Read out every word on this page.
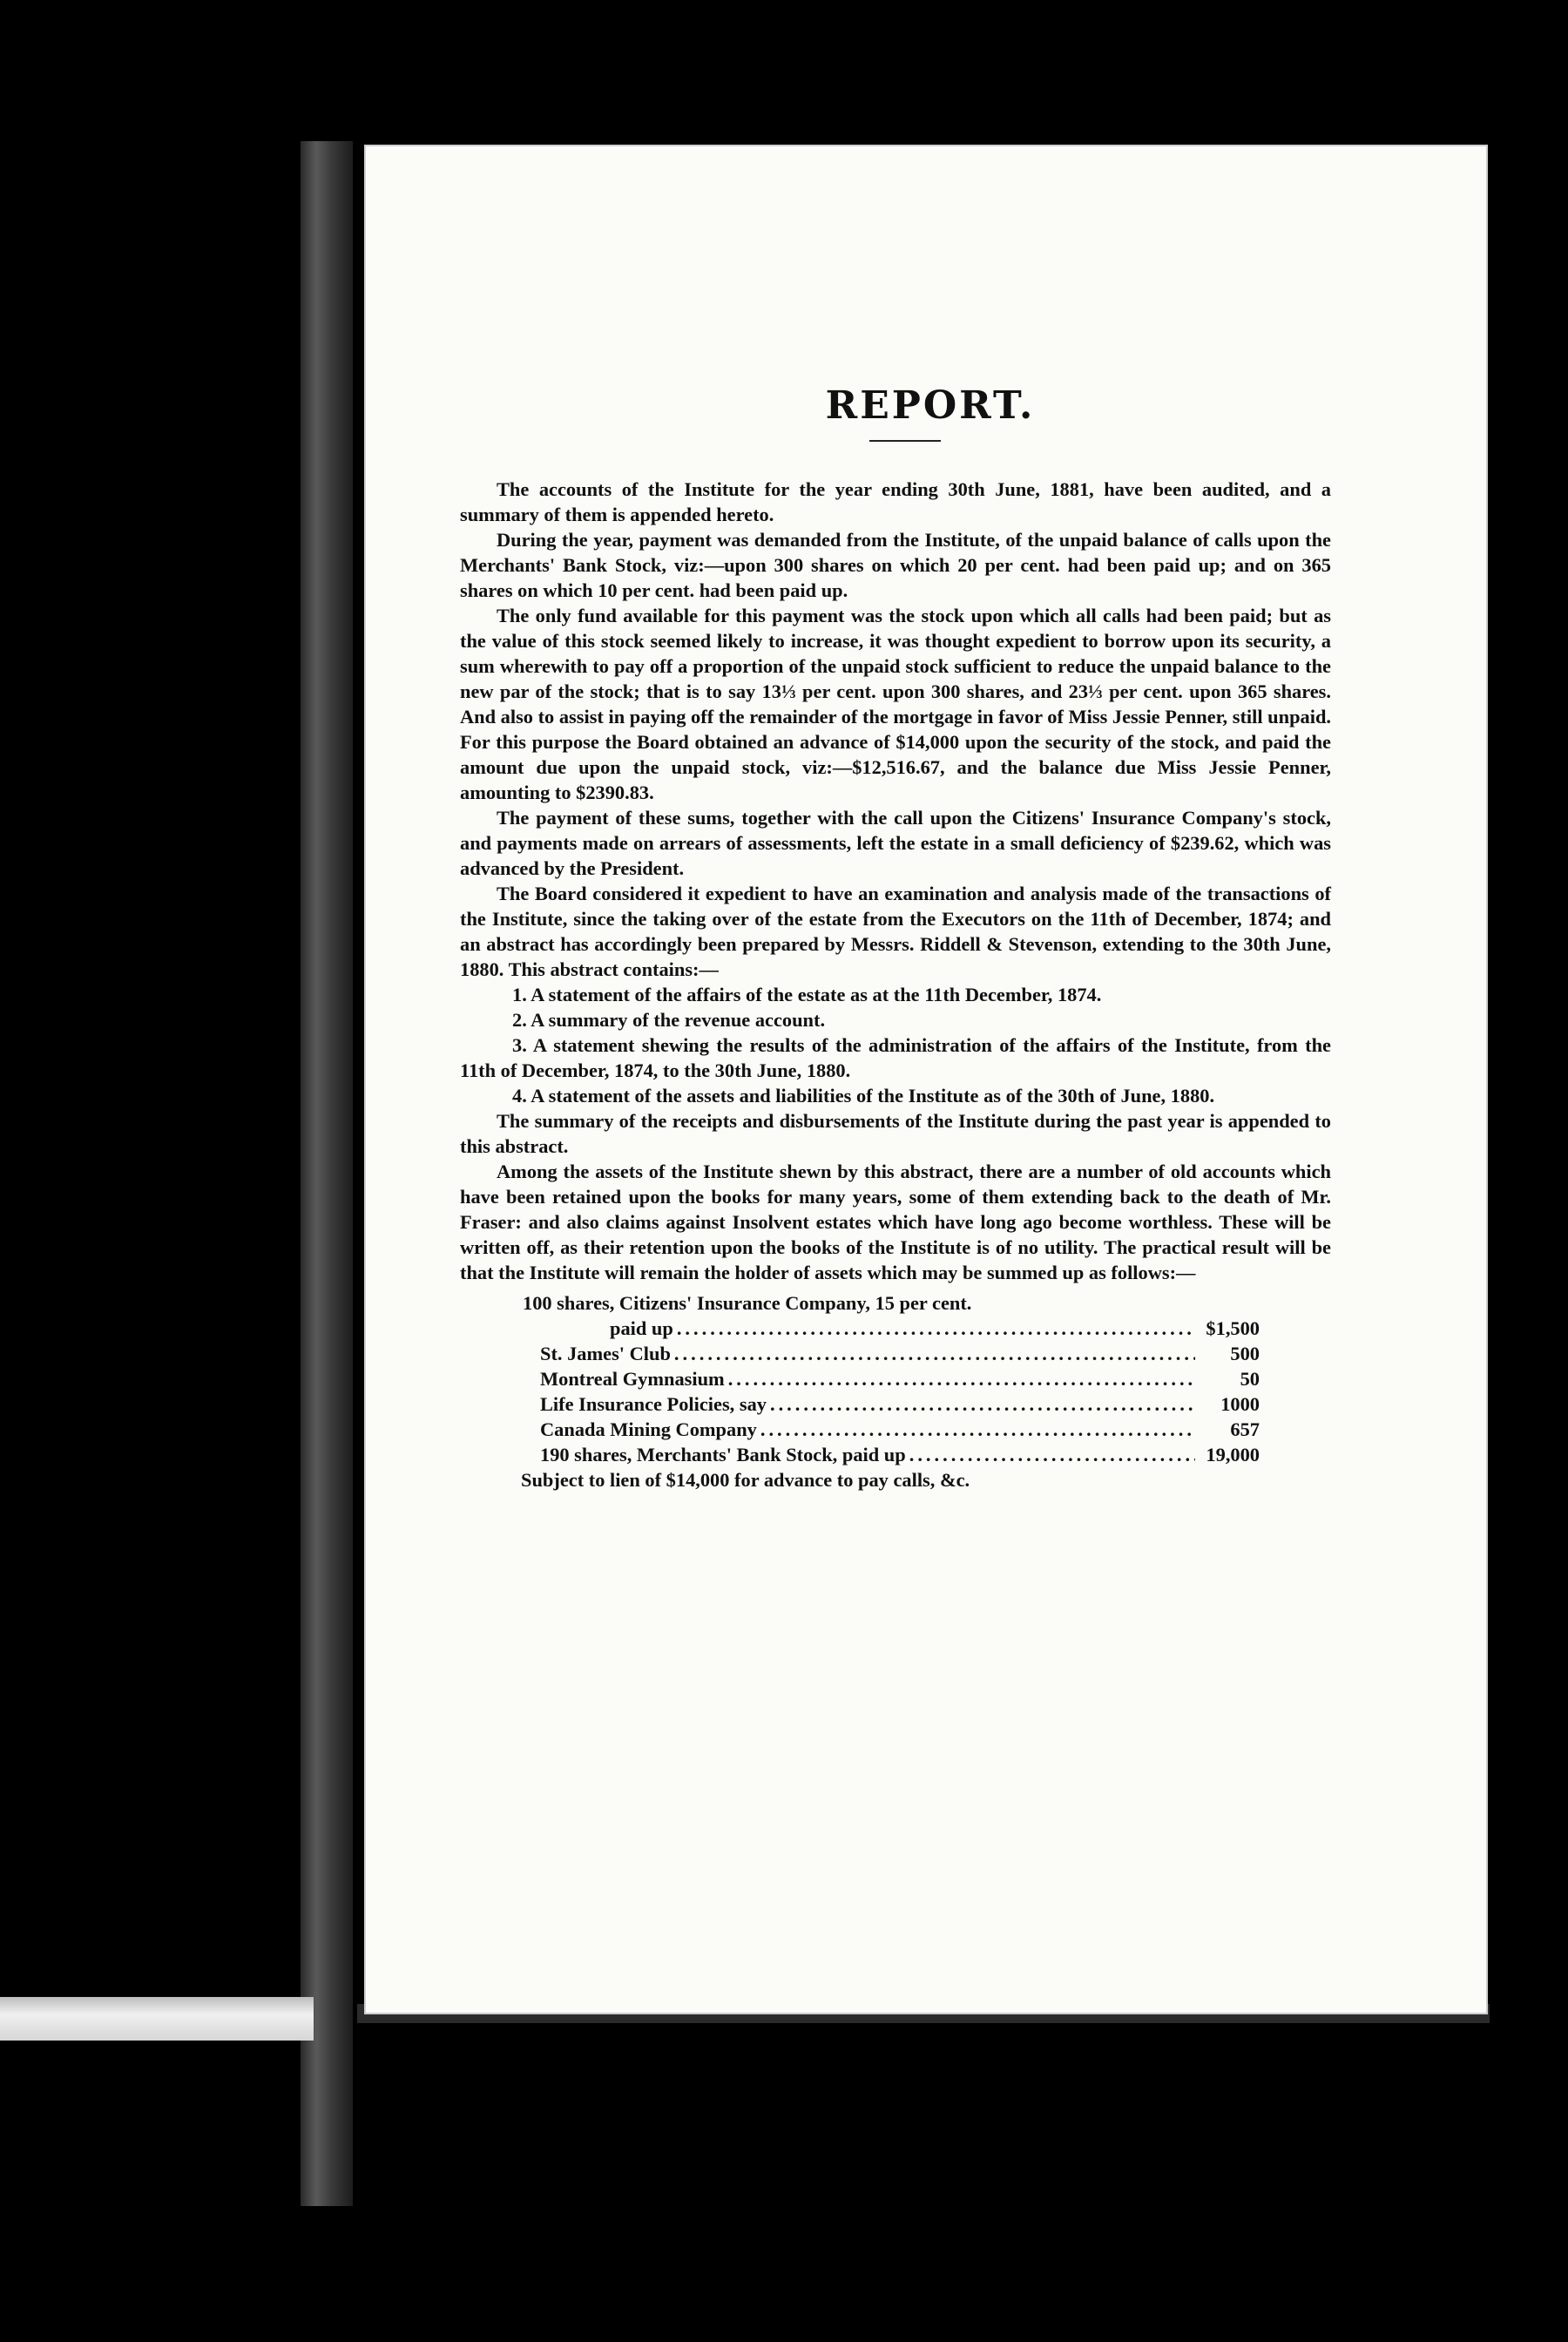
REPORT.

The accounts of the Institute for the year ending 30th June, 1881, have been audited, and a summary of them is appended hereto.

During the year, payment was demanded from the Institute, of the unpaid balance of calls upon the Merchants' Bank Stock, viz:—upon 300 shares on which 20 per cent. had been paid up; and on 365 shares on which 10 per cent. had been paid up.

The only fund available for this payment was the stock upon which all calls had been paid; but as the value of this stock seemed likely to increase, it was thought expedient to borrow upon its security, a sum wherewith to pay off a proportion of the unpaid stock sufficient to reduce the unpaid balance to the new par of the stock; that is to say 13⅓ per cent. upon 300 shares, and 23⅓ per cent. upon 365 shares. And also to assist in paying off the remainder of the mortgage in favor of Miss Jessie Penner, still unpaid. For this purpose the Board obtained an advance of $14,000 upon the security of the stock, and paid the amount due upon the unpaid stock, viz:—$12,516.67, and the balance due Miss Jessie Penner, amounting to $2390.83.

The payment of these sums, together with the call upon the Citizens' Insurance Company's stock, and payments made on arrears of assessments, left the estate in a small deficiency of $239.62, which was advanced by the President.

The Board considered it expedient to have an examination and analysis made of the transactions of the Institute, since the taking over of the estate from the Executors on the 11th of December, 1874; and an abstract has accordingly been prepared by Messrs. Riddell & Stevenson, extending to the 30th June, 1880. This abstract contains:—

1. A statement of the affairs of the estate as at the 11th December, 1874.

2. A summary of the revenue account.

3. A statement shewing the results of the administration of the affairs of the Institute, from the 11th of December, 1874, to the 30th June, 1880.

4. A statement of the assets and liabilities of the Institute as of the 30th of June, 1880.

The summary of the receipts and disbursements of the Institute during the past year is appended to this abstract.

Among the assets of the Institute shewn by this abstract, there are a number of old accounts which have been retained upon the books for many years, some of them extending back to the death of Mr. Fraser: and also claims against Insolvent estates which have long ago become worthless. These will be written off, as their retention upon the books of the Institute is of no utility. The practical result will be that the Institute will remain the holder of assets which may be summed up as follows:—

100 shares, Citizens' Insurance Company, 15 per cent.
paid up .....	$1,500
St. James' Club .....	500
Montreal Gymnasium .....	50
Life Insurance Policies, say .....	1000
Canada Mining Company .....	657
190 shares, Merchants' Bank Stock, paid up .....	19,000
Subject to lien of $14,000 for advance to pay calls, &c.
